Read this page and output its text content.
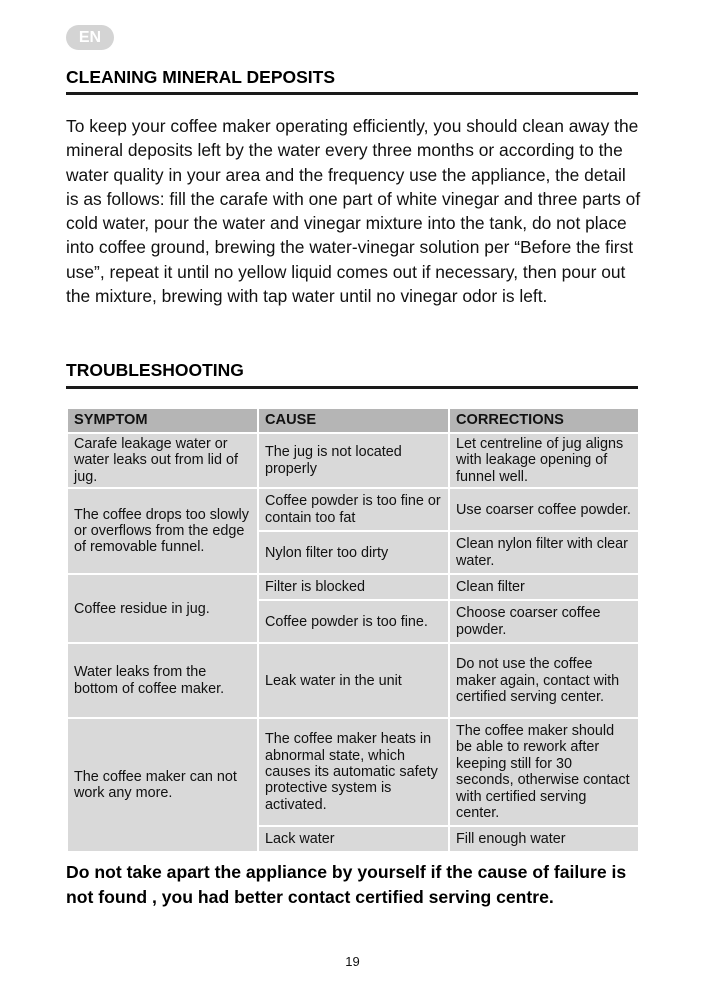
EN
CLEANING MINERAL DEPOSITS

To keep your coffee maker operating efficiently, you should clean away the mineral deposits left by the water every three months or according to the water quality in your area and the frequency use the appliance, the detail is as follows: fill the carafe with one part of white vinegar and three parts of cold water, pour the water and vinegar mixture into the tank, do not place into coffee ground, brewing the water-vinegar solution per “Before the first use”, repeat it until no yellow liquid comes out if necessary, then pour out the mixture, brewing with tap water until no vinegar odor is left.

TROUBLESHOOTING
SYMPTOM	CAUSE	CORRECTIONS
Carafe leakage water or water leaks out from lid of jug.	The jug is not located properly	Let centreline of jug aligns with leakage opening of funnel well.
The coffee drops too slowly or overflows from the edge of removable funnel.	Coffee powder is too fine or contain too fat	Use coarser coffee powder.
	Nylon filter too dirty	Clean nylon filter with clear water.
Coffee residue in jug.	Filter is blocked	Clean filter
	Coffee powder is too fine.	Choose coarser coffee powder.
Water leaks from the bottom of coffee maker.	Leak water in the unit	Do not use the coffee maker again, contact with certified serving center.
The coffee maker can not work any more.	The coffee maker heats in abnormal state, which causes its automatic safety protective system is activated.	The coffee maker should be able to rework after keeping still for 30 seconds, otherwise contact with certified serving center.
	Lack water	Fill enough water

Do not take apart the appliance by yourself if the cause of failure is not found , you had better contact certified serving centre.

19
